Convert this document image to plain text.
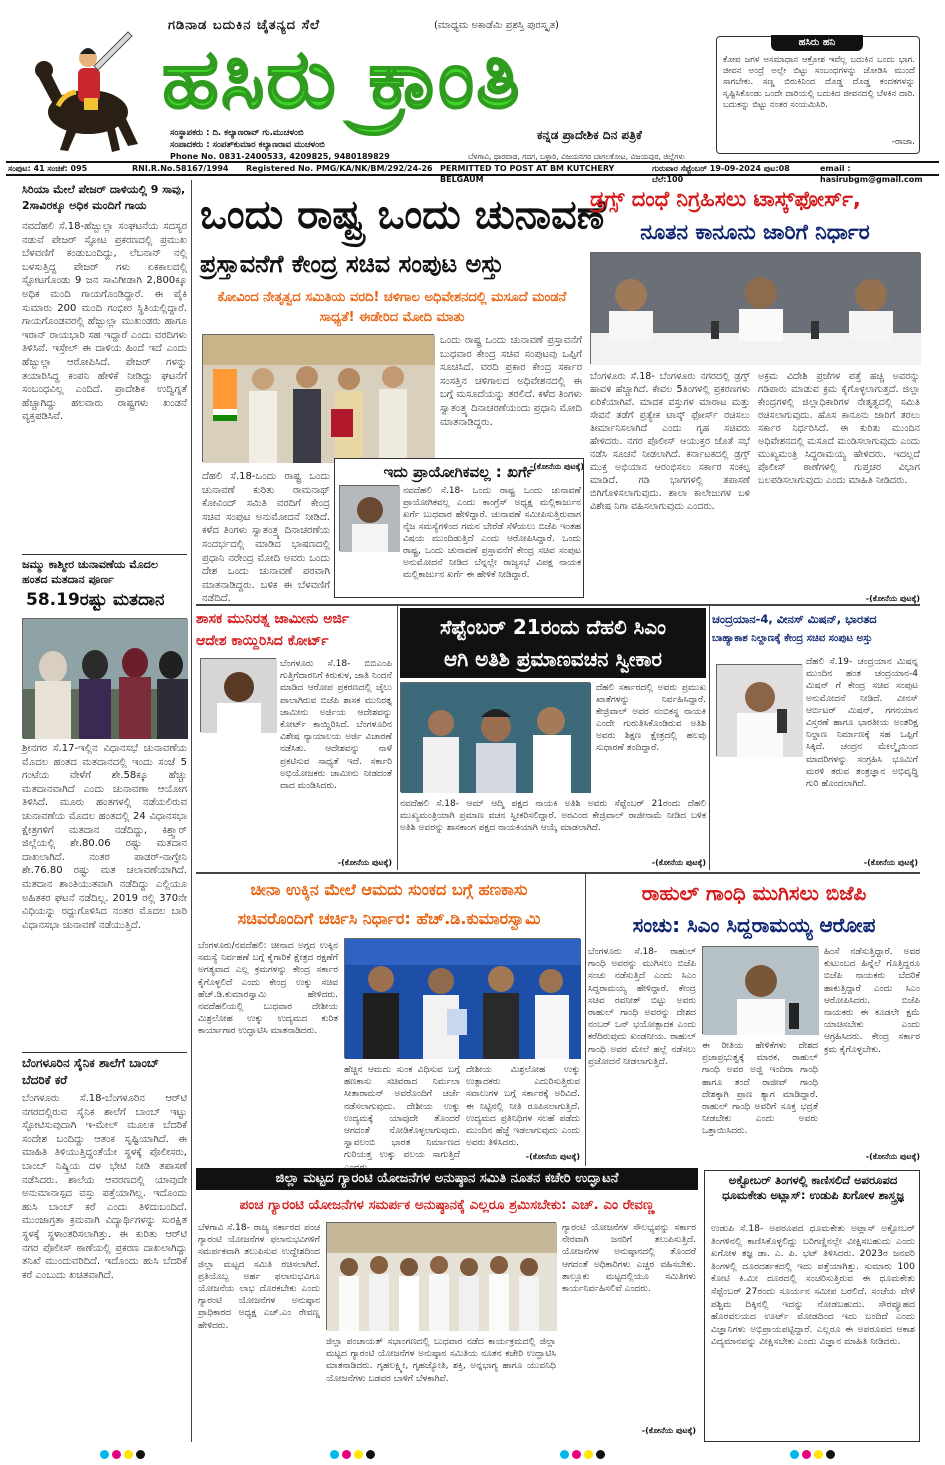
ಗಡಿನಾಡ ಬದುಕಿನ ಚೈತನ್ಯದ ಸೆಲೆ	(ಮಾಧ್ಯಮ ಅಕಾಡೆಮಿ ಪ್ರಶಸ್ತಿ ಪುರಸ್ಕೃತ)
ಹಸಿರು ಕ್ರಾಂತಿ
ಕನ್ನಡ ಪ್ರಾದೇಶಿಕ ದಿನ ಪತ್ರಿಕೆ
ಸಂಸ್ಥಾಪಕರು : ದಿ. ಕಲ್ಯಾಣರಾವ್ ಗು.ಮುಚಳಂಬಿ
ಸಂಪಾದಕರು : ಸಂಪತ್‌ಕುಮಾರ ಕಲ್ಯಾಣರಾವ ಮುಚಳಂಬಿ
Phone No. 0831-2400533, 4209825, 9480189829	ಬೆಳಗಾವಿ, ಧಾರವಾಡ, ಗದಗ, ಬಳ್ಳಾರಿ, ವಿಜಯನಗರ ಬಾಗಲಕೋಟ, ವಿಜಯಪುರ, ಜಿಲ್ಲೆಗಳು
ಹಸಿರು ಹನಿ
ಕೋಪ ಜಗಳ ಅಸಮಾಧಾನ ಆಕ್ರೋಶ ಇವೆಲ್ಲ ಬದುಕಿನ ಒಂದು ಭಾಗ. ಜೀವನ ಅಂದ್ರೆ ಅಲ್ಲೇ ಬಿಟ್ಟು ಸಂಬಂಧಗಳನ್ನು ಜೋಡಿಸಿ ಮುಂದೆ ಸಾಗಬೇಕು. ಸಣ್ಣ ಬಿರುಕಿನಿಂದ ದೊಡ್ಡ ದೊಡ್ಡ ಕಂದಕಗಳನ್ನು ಸೃಷ್ಟಿಸಿಕೊಂಡು ಒಂದೇ ದಾರಿಯಲ್ಲಿ ಬದುಕಿದ ಜೀವನದಲ್ಲಿ ಬೆಳಕಿನ ದಾರಿ. ಬದುಕನ್ನು ಬಿಟ್ಟು ನಂತರ ಸಂಯಮಿಸಿರಿ.
-ರಾಜಾ.
ಸಂಪುಟ: 41 ಸಂಚಿಕೆ: 095	RNI.R.No.58167/1994	Registered No. PMG/KA/NK/BM/292/24-26 PERMITTED TO POST AT BM KUTCHERY BELGAUM
ಗುರುವಾರ ಸೆಪ್ಟೆಂಬರ್ 19-09-2024 ಪುಟ:08 ಬೆಲೆ:100
email : hasirubgm@gmail.com
ಸಿರಿಯಾ ಮೇಲೆ ಪೇಜರ್ ದಾಳಿಯಲ್ಲಿ 9 ಸಾವು, 2ಸಾವಿರಕ್ಕೂ ಅಧಿಕ ಮಂದಿಗೆ ಗಾಯ
ನವದೆಹಲಿ ಸೆ.18-ಹೆಜ್ಬುಲ್ಲಾ ಸಂಘಟನೆಯ ಸದಸ್ಯರ ನಡುವೆ ಪೇಜರ್ ಸ್ಫೋಟ ಪ್ರಕರಣದಲ್ಲಿ ಪ್ರಮುಖ ಬೆಳವಣಿಗೆ ಕಂಡುಬಂದಿದ್ದು, ಲೆಬನಾನ್ ನಲ್ಲಿ ಬಳಸುತ್ತಿದ್ದ ಪೇಜರ್ ಗಳು ಏಕಕಾಲದಲ್ಲಿ ಸ್ಫೋಟಗೊಂಡು 9 ಜನ ಸಾವಿಗೀಡಾಗಿ 2,800ಕ್ಕೂ ಅಧಿಕ ಮಂದಿ ಗಾಯಗೊಂಡಿದ್ದಾರೆ. ಈ ಪೈಕಿ ಸುಮಾರು 200 ಮಂದಿ ಗಂಭೀರ ಸ್ಥಿತಿಯಲ್ಲಿದ್ದಾರೆ. ಗಾಯಗೊಂಡವರಲ್ಲಿ ಹೆಜ್ಬುಲ್ಲಾ ಮುಖಂಡರು ಹಾಗೂ ಇರಾನ್ ರಾಯಭಾರಿ ಸಹ ಇದ್ದಾರೆ ಎಂದು ವರದಿಗಳು ತಿಳಿಸಿವೆ. ಇಸ್ರೇಲ್ ಈ ದಾಳಿಯ ಹಿಂದೆ ಇದೆ ಎಂದು ಹೆಜ್ಬುಲ್ಲಾ ಆರೋಪಿಸಿದೆ. ಪೇಜರ್ ಗಳನ್ನು ತಯಾರಿಸಿದ್ದ ಕಂಪನಿ ಹೇಳಿಕೆ ನೀಡಿದ್ದು ಘಟನೆಗೆ ಸಂಬಂಧವಿಲ್ಲ ಎಂದಿದೆ. ಪ್ರಾದೇಶಿಕ ಉದ್ವಿಗ್ನತೆ ಹೆಚ್ಚಾಗಿದ್ದು ಹಲವಾರು ರಾಷ್ಟ್ರಗಳು ಖಂಡನೆ ವ್ಯಕ್ತಪಡಿಸಿವೆ.
ಜಮ್ಮು ಕಾಶ್ಮೀರ ಚುನಾವಣೆಯ ಮೊದಲ ಹಂತದ ಮತದಾನ ಪೂರ್ಣ
58.19ರಷ್ಟು ಮತದಾನ
ಶ್ರೀನಗರ ಸೆ.17-ಇಲ್ಲಿನ ವಿಧಾನಸಭೆ ಚುನಾವಣೆಯ ಮೊದಲ ಹಂತದ ಮತದಾನದಲ್ಲಿ ಇಂದು ಸಂಜೆ 5 ಗಂಟೆಯ ವೇಳೆಗೆ ಶೇ.58ಕ್ಕೂ ಹೆಚ್ಚು ಮತದಾನವಾಗಿದೆ ಎಂದು ಚುನಾವಣಾ ಆಯೋಗ ತಿಳಿಸಿದೆ. ಮೂರು ಹಂತಗಳಲ್ಲಿ ನಡೆಯಲಿರುವ ಚುನಾವಣೆಯ ಮೊದಲ ಹಂತದಲ್ಲಿ 24 ವಿಧಾನಸಭಾ ಕ್ಷೇತ್ರಗಳಿಗೆ ಮತದಾನ ನಡೆದಿದ್ದು, ಕಿಶ್ತ್ವಾರ್ ಜಿಲ್ಲೆಯಲ್ಲಿ ಶೇ.80.06 ರಷ್ಟು ಮತದಾನ ದಾಖಲಾಗಿದೆ. ನಂತರ ಪಾಡರ್-ನಾಗ್ಸೇನಿ ಶೇ.76.80 ರಷ್ಟು ಮತ ಚಲಾವಣೆಯಾಗಿದೆ. ಮತದಾನ ಶಾಂತಿಯುತವಾಗಿ ನಡೆದಿದ್ದು ಎಲ್ಲಿಯೂ ಅಹಿತಕರ ಘಟನೆ ನಡೆದಿಲ್ಲ. 2019 ರಲ್ಲಿ 370ನೇ ವಿಧಿಯನ್ನು ರದ್ದುಗೊಳಿಸಿದ ನಂತರ ಮೊದಲ ಬಾರಿ ವಿಧಾನಸಭಾ ಚುನಾವಣೆ ನಡೆಯುತ್ತಿದೆ.
ಬೆಂಗಳೂರಿನ ಸೈನಿಕ ಶಾಲೆಗೆ ಬಾಂಬ್ ಬೆದರಿಕೆ ಕರೆ
ಬೆಂಗಳೂರು ಸೆ.18-ಬೆಂಗಳೂರಿನ ಆರ್‌ಟಿ ನಗರದಲ್ಲಿರುವ ಸೈನಿಕ ಶಾಲೆಗೆ ಬಾಂಬ್ ಇಟ್ಟು ಸ್ಫೋಟಿಸುವುದಾಗಿ ಇ-ಮೇಲ್ ಮೂಲಕ ಬೆದರಿಕೆ ಸಂದೇಶ ಬಂದಿದ್ದು ಆತಂಕ ಸೃಷ್ಟಿಯಾಗಿದೆ. ಈ ಮಾಹಿತಿ ತಿಳಿಯುತ್ತಿದ್ದಂತೆಯೇ ಸ್ಥಳಕ್ಕೆ ಪೊಲೀಸರು, ಬಾಂಬ್ ನಿಷ್ಕ್ರಿಯ ದಳ ಭೇಟಿ ನೀಡಿ ತಪಾಸಣೆ ನಡೆಸಿದರು. ಶಾಲೆಯ ಆವರಣದಲ್ಲಿ ಯಾವುದೇ ಅನುಮಾನಾಸ್ಪದ ವಸ್ತು ಪತ್ತೆಯಾಗಿಲ್ಲ. ಇದೊಂದು ಹುಸಿ ಬಾಂಬ್ ಕರೆ ಎಂದು ತಿಳಿದುಬಂದಿದೆ. ಮುಂಜಾಗ್ರತಾ ಕ್ರಮವಾಗಿ ವಿದ್ಯಾರ್ಥಿಗಳನ್ನು ಸುರಕ್ಷಿತ ಸ್ಥಳಕ್ಕೆ ಸ್ಥಳಾಂತರಿಸಲಾಗಿತ್ತು. ಈ ಕುರಿತು ಆರ್‌ಟಿ ನಗರ ಪೊಲೀಸ್ ಠಾಣೆಯಲ್ಲಿ ಪ್ರಕರಣ ದಾಖಲಾಗಿದ್ದು ತನಿಖೆ ಮುಂದುವರಿದಿದೆ. ಇದೊಂದು ಹುಸಿ ಬೆದರಿಕೆ ಕರೆ ಎಂಬುದು ಖಚಿತವಾಗಿದೆ.
ಒಂದು ರಾಷ್ಟ್ರ ಒಂದು ಚುನಾವಣೆ
ಪ್ರಸ್ತಾವನೆಗೆ ಕೇಂದ್ರ ಸಚಿವ ಸಂಪುಟ ಅಸ್ತು
ಕೋವಿಂದ ನೇತೃತ್ವದ ಸಮಿತಿಯ ವರದಿ! ಚಳಿಗಾಲ ಅಧಿವೇಶನದಲ್ಲಿ ಮಸೂದೆ ಮಂಡನೆ ಸಾಧ್ಯತೆ! ಈಡೇರಿದ ಮೋದಿ ಮಾತು
ಒಂದು ರಾಷ್ಟ್ರ ಒಂದು ಚುನಾವಣೆ ಪ್ರಸ್ತಾವನೆಗೆ ಬುಧವಾರ ಕೇಂದ್ರ ಸಚಿವ ಸಂಪುಟವು ಒಪ್ಪಿಗೆ ಸೂಚಿಸಿದೆ. ವರದಿ ಪ್ರಕಾರ ಕೇಂದ್ರ ಸರ್ಕಾರ ಸಂಸತ್ತಿನ ಚಳಿಗಾಲದ ಅಧಿವೇಶನದಲ್ಲಿ ಈ ಬಗ್ಗೆ ಮಸೂದೆಯನ್ನು ತರಲಿದೆ. ಕಳೆದ ತಿಂಗಳು ಸ್ವಾತಂತ್ರ್ಯ ದಿನಾಚರಣೆಯಂದು ಪ್ರಧಾನಿ ಮೋದಿ ಮಾತನಾಡಿದ್ದರು.
ದೆಹಲಿ ಸೆ.18-ಒಂದು ರಾಷ್ಟ್ರ ಒಂದು ಚುನಾವಣೆ ಕುರಿತು ರಾಮನಾಥ್ ಕೋವಿಂದ್ ಸಮಿತಿ ವರದಿಗೆ ಕೇಂದ್ರ ಸಚಿವ ಸಂಪುಟ ಅನುಮೋದನೆ ನೀಡಿದೆ. ಕಳೆದ ತಿಂಗಳು ಸ್ವಾತಂತ್ರ್ಯ ದಿನಾಚರಣೆಯ ಸಂದರ್ಭದಲ್ಲಿ ಮಾಡಿದ ಭಾಷಣದಲ್ಲಿ ಪ್ರಧಾನಿ ನರೇಂದ್ರ ಮೋದಿ ಅವರು ಒಂದು ದೇಶ ಒಂದು ಚುನಾವಣೆ ಪರವಾಗಿ ಮಾತನಾಡಿದ್ದರು. ಬಳಿಕ ಈ ಬೆಳವಣಿಗೆ ನಡೆದಿದೆ.
ಇದು ಪ್ರಾಯೋಗಿಕವಲ್ಲ : ಖರ್ಗೆ
ನವದೆಹಲಿ ಸೆ.18- ಒಂದು ರಾಷ್ಟ್ರ ಒಂದು ಚುನಾವಣೆ ಪ್ರಾಯೋಗಿಕವಲ್ಲ ಎಂದು ಕಾಂಗ್ರೆಸ್ ಅಧ್ಯಕ್ಷ ಮಲ್ಲಿಕಾರ್ಜುನ ಖರ್ಗೆ ಬುಧವಾರ ಹೇಳಿದ್ದಾರೆ. ಚುನಾವಣೆ ಸಮೀಪಿಸುತ್ತಿರುವಾಗ ನೈಜ ಸಮಸ್ಯೆಗಳಿಂದ ಗಮನ ಬೇರೆಡೆ ಸೆಳೆಯಲು ಬಿಜೆಪಿ ಇಂತಹ ವಿಷಯ ಮುಂದಿಡುತ್ತಿದೆ ಎಂದು ಆರೋಪಿಸಿದ್ದಾರೆ. ಒಂದು ರಾಷ್ಟ್ರ, ಒಂದು ಚುನಾವಣೆ ಪ್ರಸ್ತಾವನೆಗೆ ಕೇಂದ್ರ ಸಚಿವ ಸಂಪುಟ ಅನುಮೋದನೆ ನೀಡಿದ ಬೆನ್ನಲ್ಲೇ ರಾಜ್ಯಸಭೆ ವಿಪಕ್ಷ ನಾಯಕ ಮಲ್ಲಿಕಾರ್ಜುನ ಖರ್ಗೆ ಈ ಹೇಳಿಕೆ ನೀಡಿದ್ದಾರೆ.
-(ಕೋನೆಯ ಪುಟಕ್ಕೆ)
ಡ್ರಗ್ಸ್ ದಂಧೆ ನಿಗ್ರಹಿಸಲು ಟಾಸ್ಕ್‌ಫೋರ್ಸ್,
ನೂತನ ಕಾನೂನು ಜಾರಿಗೆ ನಿರ್ಧಾರ
ಬೆಂಗಳೂರು ಸೆ.18- ಬೆಂಗಳೂರು ನಗರದಲ್ಲಿ ಡ್ರಗ್ಸ್ ಹಾವಳಿ ಹೆಚ್ಚಾಗಿದೆ. ಕೇವಲ 5ತಿಂಗಳಲ್ಲಿ ಪ್ರಕರಣಗಳು ಏರಿಕೆಯಾಗಿವೆ. ಮಾದಕ ವಸ್ತುಗಳ ಮಾರಾಟ ಮತ್ತು ಸೇವನೆ ತಡೆಗೆ ಪ್ರತ್ಯೇಕ ಟಾಸ್ಕ್ ಫೋರ್ಸ್ ರಚಿಸಲು ತೀರ್ಮಾನಿಸಲಾಗಿದೆ ಎಂದು ಗೃಹ ಸಚಿವರು ಹೇಳಿದರು. ನಗರ ಪೊಲೀಸ್ ಆಯುಕ್ತರ ಜೊತೆ ಸಭೆ ನಡೆಸಿ ಸೂಚನೆ ನೀಡಲಾಗಿದೆ. ಕರ್ನಾಟಕದಲ್ಲಿ ಡ್ರಗ್ಸ್ ಮುಕ್ತ ಅಭಿಯಾನ ಆರಂಭಿಸಲು ಸರ್ಕಾರ ಸಂಕಲ್ಪ ಮಾಡಿದೆ. ಗಡಿ ಭಾಗಗಳಲ್ಲಿ ತಪಾಸಣೆ ಬಿಗಿಗೊಳಿಸಲಾಗುವುದು. ಶಾಲಾ ಕಾಲೇಜುಗಳ ಬಳಿ ವಿಶೇಷ ನಿಗಾ ವಹಿಸಲಾಗುವುದು ಎಂದರು.
ಅಕ್ರಮ ವಿದೇಶಿ ಪ್ರಜೆಗಳ ಪತ್ತೆ ಹಚ್ಚಿ ಅವರನ್ನು ಗಡಿಪಾರು ಮಾಡುವ ಕ್ರಮ ಕೈಗೊಳ್ಳಲಾಗುತ್ತದೆ. ಜಿಲ್ಲಾ ಕೇಂದ್ರಗಳಲ್ಲಿ ಜಿಲ್ಲಾಧಿಕಾರಿಗಳ ನೇತೃತ್ವದಲ್ಲಿ ಸಮಿತಿ ರಚಿಸಲಾಗುವುದು. ಹೊಸ ಕಾನೂನು ಜಾರಿಗೆ ತರಲು ಸರ್ಕಾರ ನಿರ್ಧರಿಸಿದೆ. ಈ ಕುರಿತು ಮುಂದಿನ ಅಧಿವೇಶನದಲ್ಲಿ ಮಸೂದೆ ಮಂಡಿಸಲಾಗುವುದು ಎಂದು ಮುಖ್ಯಮಂತ್ರಿ ಸಿದ್ದರಾಮಯ್ಯ ಹೇಳಿದರು. ಇದಲ್ಲದೆ ಪೊಲೀಸ್ ಠಾಣೆಗಳಲ್ಲಿ ಗುಪ್ತಚರ ವಿಭಾಗ ಬಲಪಡಿಸಲಾಗುವುದು ಎಂದು ಮಾಹಿತಿ ನೀಡಿದರು.
-(ಕೋನೆಯ ಪುಟಕ್ಕೆ)
ಶಾಸಕ ಮುನಿರತ್ನ ಜಾಮೀನು ಅರ್ಜಿ
ಆದೇಶ ಕಾಯ್ದಿರಿಸಿದ ಕೋರ್ಟ್
ಬೆಂಗಳೂರು ಸೆ.18- ಬಿಬಿಎಂಪಿ ಗುತ್ತಿಗೆದಾರನಿಗೆ ಕಿರುಕುಳ, ಜಾತಿ ನಿಂದನೆ ಮಾಡಿದ ಆರೋಪ ಪ್ರಕರಣದಲ್ಲಿ ಜೈಲು ಪಾಲಾಗಿರುವ ಬಿಜೆಪಿ ಶಾಸಕ ಮುನಿರತ್ನ ಜಾಮೀನು ಅರ್ಜಿಯ ಆದೇಶವನ್ನು ಕೋರ್ಟ್ ಕಾಯ್ದಿರಿಸಿದೆ. ಬೆಂಗಳೂರಿನ ವಿಶೇಷ ನ್ಯಾಯಾಲಯ ಅರ್ಜಿ ವಿಚಾರಣೆ ನಡೆಸಿತು. ಆದೇಶವನ್ನು ನಾಳೆ ಪ್ರಕಟಿಸುವ ಸಾಧ್ಯತೆ ಇದೆ. ಸರ್ಕಾರಿ ಅಭಿಯೋಜಕರು ಜಾಮೀನು ನೀಡದಂತೆ ವಾದ ಮಂಡಿಸಿದರು.
-(ಕೋನೆಯ ಪುಟಕ್ಕೆ)
ಸೆಪ್ಟೆಂಬರ್ 21ರಂದು ದೆಹಲಿ ಸಿಎಂ
ಆಗಿ ಅತಿಶಿ ಪ್ರಮಾಣವಚನ ಸ್ವೀಕಾರ
ದೆಹಲಿ ಸರ್ಕಾರದಲ್ಲಿ ಅವರು ಪ್ರಮುಖ ಖಾತೆಗಳನ್ನು ನಿರ್ವಹಿಸಿದ್ದಾರೆ. ಕೇಜ್ರಿವಾಲ್ ಅವರ ನಂಬಿಕಸ್ಥ ನಾಯಕಿ ಎಂದೇ ಗುರುತಿಸಿಕೊಂಡಿರುವ ಅತಿಶಿ ಅವರು ಶಿಕ್ಷಣ ಕ್ಷೇತ್ರದಲ್ಲಿ ಹಲವು ಸುಧಾರಣೆ ತಂದಿದ್ದಾರೆ.
ನವದೆಹಲಿ ಸೆ.18- ಆಮ್ ಆದ್ಮಿ ಪಕ್ಷದ ನಾಯಕಿ ಅತಿಶಿ ಅವರು ಸೆಪ್ಟೆಂಬರ್ 21ರಂದು ದೆಹಲಿ ಮುಖ್ಯಮಂತ್ರಿಯಾಗಿ ಪ್ರಮಾಣ ವಚನ ಸ್ವೀಕರಿಸಲಿದ್ದಾರೆ. ಅರವಿಂದ ಕೇಜ್ರಿವಾಲ್ ರಾಜೀನಾಮೆ ನೀಡಿದ ಬಳಿಕ ಅತಿಶಿ ಅವರನ್ನು ಶಾಸಕಾಂಗ ಪಕ್ಷದ ನಾಯಕಿಯಾಗಿ ಆಯ್ಕೆ ಮಾಡಲಾಗಿದೆ.
-(ಕೋನೆಯ ಪುಟಕ್ಕೆ)
ಚಂದ್ರಯಾನ-4, ವೀನಸ್ ಮಿಷನ್, ಭಾರತದ
ಬಾಹ್ಯಾಕಾಶ ನಿಲ್ದಾಣಕ್ಕೆ ಕೇಂದ್ರ ಸಚಿವ ಸಂಪುಟ ಅಸ್ತು
ದೆಹಲಿ ಸೆ.19- ಚಂದ್ರಯಾನ ಮಿಷನ್ನ ಮುಂದಿನ ಹಂತ ಚಂದ್ರಯಾನ-4 ಮಿಷನ್ ಗೆ ಕೇಂದ್ರ ಸಚಿವ ಸಂಪುಟ ಅನುಮೋದನೆ ನೀಡಿದೆ. ವೀನಸ್ ಆರ್ಬಿಟರ್ ಮಿಷನ್, ಗಗನಯಾನ ವಿಸ್ತರಣೆ ಹಾಗೂ ಭಾರತೀಯ ಅಂತರಿಕ್ಷ ನಿಲ್ದಾಣ ನಿರ್ಮಾಣಕ್ಕೆ ಸಹ ಒಪ್ಪಿಗೆ ಸಿಕ್ಕಿದೆ. ಚಂದ್ರನ ಮೇಲ್ಮೈಯಿಂದ ಮಾದರಿಗಳನ್ನು ಸಂಗ್ರಹಿಸಿ ಭೂಮಿಗೆ ಮರಳಿ ತರುವ ತಂತ್ರಜ್ಞಾನ ಅಭಿವೃದ್ಧಿ ಗುರಿ ಹೊಂದಲಾಗಿದೆ.
-(ಕೋನೆಯ ಪುಟಕ್ಕೆ)
ಚೀನಾ ಉಕ್ಕಿನ ಮೇಲೆ ಆಮದು ಸುಂಕದ ಬಗ್ಗೆ ಹಣಕಾಸು
ಸಚಿವರೊಂದಿಗೆ ಚರ್ಚಿಸಿ ನಿರ್ಧಾರ: ಹೆಚ್.ಡಿ.ಕುಮಾರಸ್ವಾಮಿ
ಬೆಂಗಳೂರು/ನವದೆಹಲಿ: ಚೀನಾದ ಅಗ್ಗದ ಉಕ್ಕಿನ ಸಮಸ್ಯೆ ನಿರ್ವಹಣೆ ಬಗ್ಗೆ ಕೈಗಾರಿಕೆ ಕ್ಷೇತ್ರದ ರಕ್ಷಣೆಗೆ ಅಗತ್ಯವಾದ ಎಲ್ಲ ಕ್ರಮಗಳನ್ನು ಕೇಂದ್ರ ಸರ್ಕಾರ ಕೈಗೊಳ್ಳಲಿದೆ ಎಂದು ಕೇಂದ್ರ ಉಕ್ಕು ಸಚಿವ ಹೆಚ್.ಡಿ.ಕುಮಾರಸ್ವಾಮಿ ಹೇಳಿದರು. ನವದೆಹಲಿಯಲ್ಲಿ ಬುಧವಾರ ದೇಶೀಯ ಮಿಶ್ರಲೋಹ ಉಕ್ಕು ಉದ್ಯಮದ ಕುರಿತ ಕಾರ್ಯಾಗಾರ ಉದ್ಘಾಟಿಸಿ ಮಾತನಾಡಿದರು.
ಹೆಚ್ಚಿನ ಆಮದು ಸುಂಕ ವಿಧಿಸುವ ಬಗ್ಗೆ ಹಣಕಾಸು ಸಚಿವರಾದ ನಿರ್ಮಲಾ ಸೀತಾರಾಮನ್ ಅವರೊಂದಿಗೆ ಚರ್ಚೆ ನಡೆಸಲಾಗುವುದು. ದೇಶೀಯ ಉಕ್ಕು ಉದ್ಯಮಕ್ಕೆ ಯಾವುದೇ ತೊಂದರೆ ಆಗದಂತೆ ನೋಡಿಕೊಳ್ಳಲಾಗುವುದು. ಸ್ವಾವಲಂಬಿ ಭಾರತ ನಿರ್ಮಾಣದ ಗುರಿಯತ್ತ ಉಕ್ಕು ವಲಯ ಸಾಗುತ್ತಿದೆ
ದೇಶೀಯ ಮಿಶ್ರಲೋಹ ಉಕ್ಕು ಉತ್ಪಾದಕರು ಎದುರಿಸುತ್ತಿರುವ ಸವಾಲುಗಳ ಬಗ್ಗೆ ಸರ್ಕಾರಕ್ಕೆ ಅರಿವಿದೆ. ಈ ನಿಟ್ಟಿನಲ್ಲಿ ನೀತಿ ರೂಪಿಸಲಾಗುತ್ತಿದೆ. ಉದ್ಯಮದ ಪ್ರತಿನಿಧಿಗಳ ಸಲಹೆ ಪಡೆದು ಮುಂದಿನ ಹೆಜ್ಜೆ ಇಡಲಾಗುವುದು ಎಂದು ಅವರು ತಿಳಿಸಿದರು.
-(ಕೋನೆಯ ಪುಟಕ್ಕೆ)
ರಾಹುಲ್ ಗಾಂಧಿ ಮುಗಿಸಲು ಬಿಜೆಪಿ
ಸಂಚು: ಸಿಎಂ ಸಿದ್ದರಾಮಯ್ಯ ಆರೋಪ
ಬೆಂಗಳೂರು ಸೆ.18- ರಾಹುಲ್ ಗಾಂಧಿ ಅವರನ್ನು ಮುಗಿಸಲು ಬಿಜೆಪಿ ಸಂಚು ನಡೆಸುತ್ತಿದೆ ಎಂದು ಸಿಎಂ ಸಿದ್ದರಾಮಯ್ಯ ಹೇಳಿದ್ದಾರೆ. ಕೇಂದ್ರ ಸಚಿವ ರವನೀತ್ ಬಿಟ್ಟು ಅವರು ರಾಹುಲ್ ಗಾಂಧಿ ಅವರನ್ನು ದೇಶದ ನಂಬರ್ ಒನ್ ಭಯೋತ್ಪಾದಕ ಎಂದು ಕರೆದಿರುವುದು ಖಂಡನೀಯ. ರಾಹುಲ್ ಗಾಂಧಿ ಅವರ ಮೇಲೆ ಹಲ್ಲೆ ನಡೆಸಲು ಪ್ರಚೋದನೆ ನೀಡಲಾಗುತ್ತಿದೆ.
ಈ ರೀತಿಯ ಹೇಳಿಕೆಗಳು ದೇಶದ ಪ್ರಜಾಪ್ರಭುತ್ವಕ್ಕೆ ಮಾರಕ. ರಾಹುಲ್ ಗಾಂಧಿ ಅವರ ಅಜ್ಜಿ ಇಂದಿರಾ ಗಾಂಧಿ ಹಾಗೂ ತಂದೆ ರಾಜೀವ್ ಗಾಂಧಿ ದೇಶಕ್ಕಾಗಿ ಪ್ರಾಣ ತ್ಯಾಗ ಮಾಡಿದ್ದಾರೆ. ರಾಹುಲ್ ಗಾಂಧಿ ಅವರಿಗೆ ಸೂಕ್ತ ಭದ್ರತೆ ನೀಡಬೇಕು ಎಂದು ಅವರು ಒತ್ತಾಯಿಸಿದರು.
ಹಿಂಸೆ ನಡೆಸುತ್ತಿದ್ದಾರೆ. ಅವರ ಕುಟುಂಬದ ಹಿನ್ನೆಲೆ ಗೊತ್ತಿದ್ದರೂ ಬಿಜೆಪಿ ನಾಯಕರು ಬೆದರಿಕೆ ಹಾಕುತ್ತಿದ್ದಾರೆ ಎಂದು ಸಿಎಂ ಆರೋಪಿಸಿದರು. ಬಿಜೆಪಿ ನಾಯಕರು ಈ ಕೂಡಲೇ ಕ್ಷಮೆ ಯಾಚಿಸಬೇಕು ಎಂದು ಆಗ್ರಹಿಸಿದರು. ಕೇಂದ್ರ ಸರ್ಕಾರ ಕ್ರಮ ಕೈಗೊಳ್ಳಬೇಕು.
-(ಕೋನೆಯ ಪುಟಕ್ಕೆ)
ಜಿಲ್ಲಾ ಮಟ್ಟದ ಗ್ಯಾರಂಟಿ ಯೋಜನೆಗಳ ಅನುಷ್ಠಾನ ಸಮಿತಿ ನೂತನ ಕಚೇರಿ ಉದ್ಘಾಟನೆ
ಪಂಚ ಗ್ಯಾರಂಟಿ ಯೋಜನೆಗಳ ಸಮರ್ಪಕ ಅನುಷ್ಠಾನಕ್ಕೆ ಎಲ್ಲರೂ ಶ್ರಮಿಸಬೇಕು: ಎಚ್. ಎಂ ರೇವಣ್ಣ
ಬೆಳಗಾವಿ ಸೆ.18- ರಾಜ್ಯ ಸರ್ಕಾರದ ಪಂಚ ಗ್ಯಾರಂಟಿ ಯೋಜನೆಗಳ ಫಲಾನುಭವಿಗಳಿಗೆ ಸಮರ್ಪಕವಾಗಿ ತಲುಪಿಸುವ ಉದ್ದೇಶದಿಂದ ಜಿಲ್ಲಾ ಮಟ್ಟದ ಸಮಿತಿ ರಚಿಸಲಾಗಿದೆ. ಪ್ರತಿಯೊಬ್ಬ ಅರ್ಹ ಫಲಾನುಭವಿಗೂ ಯೋಜನೆಯ ಲಾಭ ದೊರಕಬೇಕು ಎಂದು ಗ್ಯಾರಂಟಿ ಯೋಜನೆಗಳ ಅನುಷ್ಠಾನ ಪ್ರಾಧಿಕಾರದ ಅಧ್ಯಕ್ಷ ಎಚ್.ಎಂ ರೇವಣ್ಣ ಹೇಳಿದರು.
ಜಿಲ್ಲಾ ಪಂಚಾಯತ್ ಸಭಾಂಗಣದಲ್ಲಿ ಬುಧವಾರ ನಡೆದ ಕಾರ್ಯಕ್ರಮದಲ್ಲಿ ಜಿಲ್ಲಾ ಮಟ್ಟದ ಗ್ಯಾರಂಟಿ ಯೋಜನೆಗಳ ಅನುಷ್ಠಾನ ಸಮಿತಿಯ ನೂತನ ಕಚೇರಿ ಉದ್ಘಾಟಿಸಿ ಮಾತನಾಡಿದರು. ಗೃಹಲಕ್ಷ್ಮೀ, ಗೃಹಜ್ಯೋತಿ, ಶಕ್ತಿ, ಅನ್ನಭಾಗ್ಯ ಹಾಗೂ ಯುವನಿಧಿ ಯೋಜನೆಗಳು ಬಡವರ ಬಾಳಿಗೆ ಬೆಳಕಾಗಿವೆ.
ಗ್ಯಾರಂಟಿ ಯೋಜನೆಗಳ ಸೌಲಭ್ಯವನ್ನು ಸರ್ಕಾರ ನೇರವಾಗಿ ಜನರಿಗೆ ತಲುಪಿಸುತ್ತಿದೆ. ಯೋಜನೆಗಳ ಅನುಷ್ಠಾನದಲ್ಲಿ ತೊಂದರೆ ಆಗದಂತೆ ಅಧಿಕಾರಿಗಳು ಎಚ್ಚರ ವಹಿಸಬೇಕು. ತಾಲ್ಲೂಕು ಮಟ್ಟದಲ್ಲಿಯೂ ಸಮಿತಿಗಳು ಕಾರ್ಯನಿರ್ವಹಿಸಲಿವೆ ಎಂದರು.
-(ಕೋನೆಯ ಪುಟಕ್ಕೆ)
ಅಕ್ಟೋಬರ್ ತಿಂಗಳಲ್ಲಿ ಕಾಣಿಸಲಿದೆ ಅಪರೂಪದ ಧೂಮಕೇತು ಅಟ್ಲಾಸ್: ಉಡುಪಿ ಖಗೋಳ ಶಾಸ್ತ್ರಜ್ಞ
ಉಡುಪಿ ಸೆ.18- ಅಪರೂಪದ ಧೂಮಕೇತು ಅಟ್ಲಾಸ್ ಅಕ್ಟೋಬರ್ ತಿಂಗಳಿನಲ್ಲಿ ಕಾಣಿಸಿಕೊಳ್ಳಲಿದ್ದು ಬರಿಗಣ್ಣಿನಲ್ಲೇ ವೀಕ್ಷಿಸಬಹುದು ಎಂದು ಖಗೋಳ ತಜ್ಞ ಡಾ. ಎ. ಪಿ. ಭಟ್ ತಿಳಿಸಿದರು. 2023ರ ಜನವರಿ ತಿಂಗಳಲ್ಲಿ ದೂರದರ್ಶಕದಲ್ಲಿ ಇದು ಪತ್ತೆಯಾಗಿತ್ತು. ಸುಮಾರು 100 ಕೋಟಿ ಕಿ.ಮೀ ದೂರದಲ್ಲಿ ಸಂಚರಿಸುತ್ತಿರುವ ಈ ಧೂಮಕೇತು ಸೆಪ್ಟೆಂಬರ್ 27ರಂದು ಸೂರ್ಯನ ಸಮೀಪ ಬರಲಿದೆ. ಸಂಜೆಯ ವೇಳೆ ಪಶ್ಚಿಮ ದಿಕ್ಕಿನಲ್ಲಿ ಇದನ್ನು ನೋಡಬಹುದು. ಸೌರವ್ಯೂಹದ ಹೊರವಲಯದ ಊರ್ಟ್ ಮೋಡದಿಂದ ಇದು ಬಂದಿದೆ ಎಂದು ವಿಜ್ಞಾನಿಗಳು ಅಭಿಪ್ರಾಯಪಟ್ಟಿದ್ದಾರೆ. ಎಲ್ಲರೂ ಈ ಅಪರೂಪದ ಆಕಾಶ ವಿದ್ಯಮಾನವನ್ನು ವೀಕ್ಷಿಸಬೇಕು ಎಂದು ವಿಜ್ಞಾನ ಮಾಹಿತಿ ನೀಡಿದರು.
